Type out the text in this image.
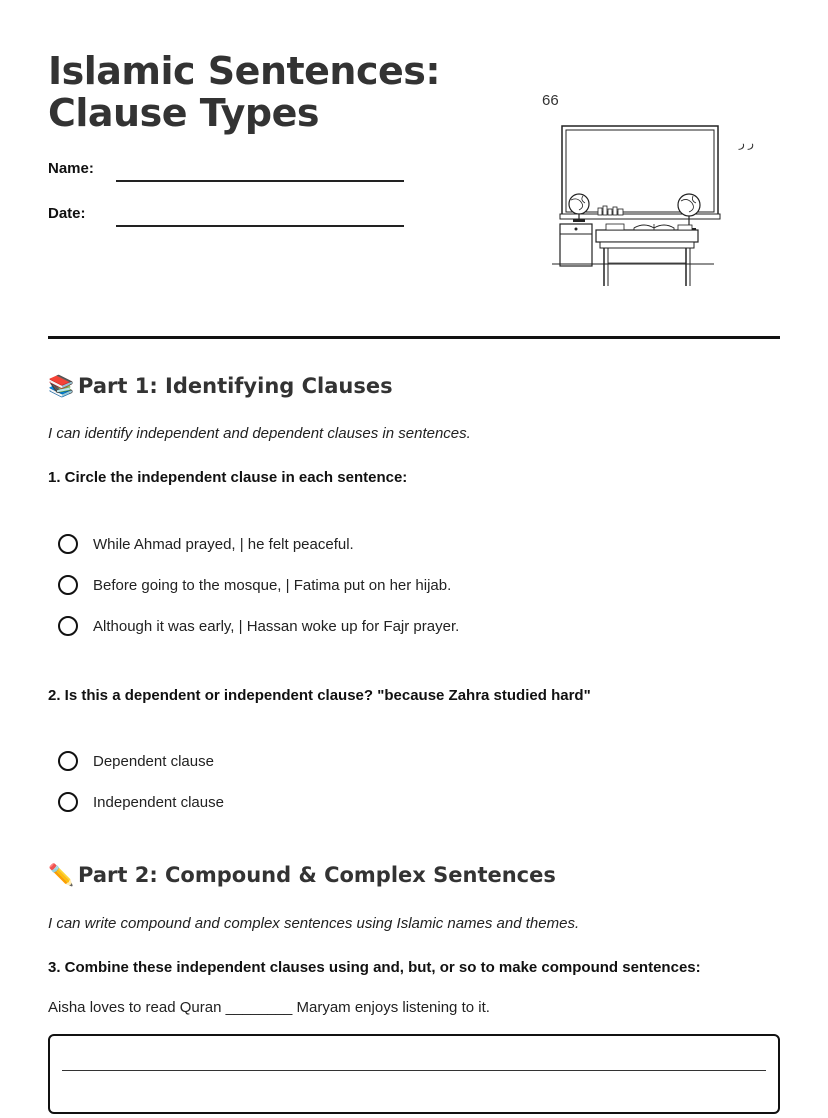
Islamic Sentences:
Clause Types
Name:
Date:
66
ر ر
📚 Part 1: Identifying Clauses
I can identify independent and dependent clauses in sentences.
1. Circle the independent clause in each sentence:
While Ahmad prayed, | he felt peaceful.
Before going to the mosque, | Fatima put on her hijab.
Although it was early, | Hassan woke up for Fajr prayer.
2. Is this a dependent or independent clause? "because Zahra studied hard"
Dependent clause
Independent clause
✏️ Part 2: Compound & Complex Sentences
I can write compound and complex sentences using Islamic names and themes.
3. Combine these independent clauses using and, but, or so to make compound sentences:
Aisha loves to read Quran ________ Maryam enjoys listening to it.
